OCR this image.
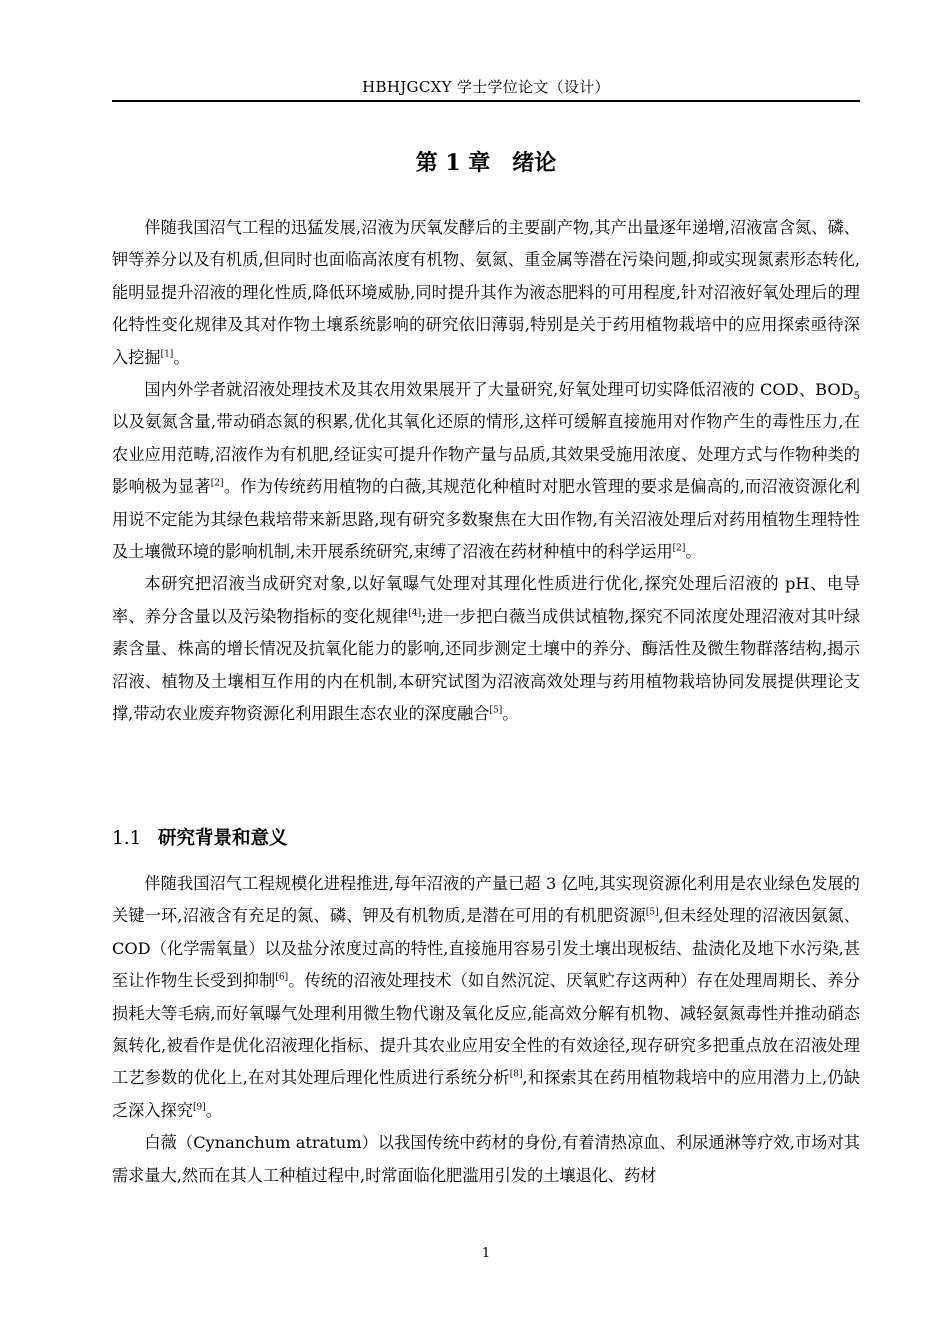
HBHJGCXY 学士学位论文（设计）
第 1 章　绪论

伴随我国沼气工程的迅猛发展,沼液为厌氧发酵后的主要副产物,其产出量逐年递增,沼液富含氮、磷、钾等养分以及有机质,但同时也面临高浓度有机物、氨氮、重金属等潜在污染问题,抑或实现氮素形态转化,能明显提升沼液的理化性质,降低环境威胁,同时提升其作为液态肥料的可用程度,针对沼液好氧处理后的理化特性变化规律及其对作物土壤系统影响的研究依旧薄弱,特别是关于药用植物栽培中的应用探索亟待深入挖掘[1]。

国内外学者就沼液处理技术及其农用效果展开了大量研究,好氧处理可切实降低沼液的 COD、$BOD_5$以及氨氮含量,带动硝态氮的积累,优化其氧化还原的情形,这样可缓解直接施用对作物产生的毒性压力,在农业应用范畴,沼液作为有机肥,经证实可提升作物产量与品质,其效果受施用浓度、处理方式与作物种类的影响极为显著[2]。作为传统药用植物的白薇,其规范化种植时对肥水管理的要求是偏高的,而沼液资源化利用说不定能为其绿色栽培带来新思路,现有研究多数聚焦在大田作物,有关沼液处理后对药用植物生理特性及土壤微环境的影响机制,未开展系统研究,束缚了沼液在药材种植中的科学运用[2]。

本研究把沼液当成研究对象,以好氧曝气处理对其理化性质进行优化,探究处理后沼液的 pH、电导率、养分含量以及污染物指标的变化规律[4];进一步把白薇当成供试植物,探究不同浓度处理沼液对其叶绿素含量、株高的增长情况及抗氧化能力的影响,还同步测定土壤中的养分、酶活性及微生物群落结构,揭示沼液、植物及土壤相互作用的内在机制,本研究试图为沼液高效处理与药用植物栽培协同发展提供理论支撑,带动农业废弃物资源化利用跟生态农业的深度融合[5]。

1.1 研究背景和意义

伴随我国沼气工程规模化进程推进,每年沼液的产量已超 3 亿吨,其实现资源化利用是农业绿色发展的关键一环,沼液含有充足的氮、磷、钾及有机物质,是潜在可用的有机肥资源[5],但未经处理的沼液因氨氮、COD（化学需氧量）以及盐分浓度过高的特性,直接施用容易引发土壤出现板结、盐渍化及地下水污染,甚至让作物生长受到抑制[6]。传统的沼液处理技术（如自然沉淀、厌氧贮存这两种）存在处理周期长、养分损耗大等毛病,而好氧曝气处理利用微生物代谢及氧化反应,能高效分解有机物、减轻氨氮毒性并推动硝态氮转化,被看作是优化沼液理化指标、提升其农业应用安全性的有效途径,现存研究多把重点放在沼液处理工艺参数的优化上,在对其处理后理化性质进行系统分析[8],和探索其在药用植物栽培中的应用潜力上,仍缺乏深入探究[9]。

白薇（Cynanchum atratum）以我国传统中药材的身份,有着清热凉血、利尿通淋等疗效,市场对其需求量大,然而在其人工种植过程中,时常面临化肥滥用引发的土壤退化、药材

1
